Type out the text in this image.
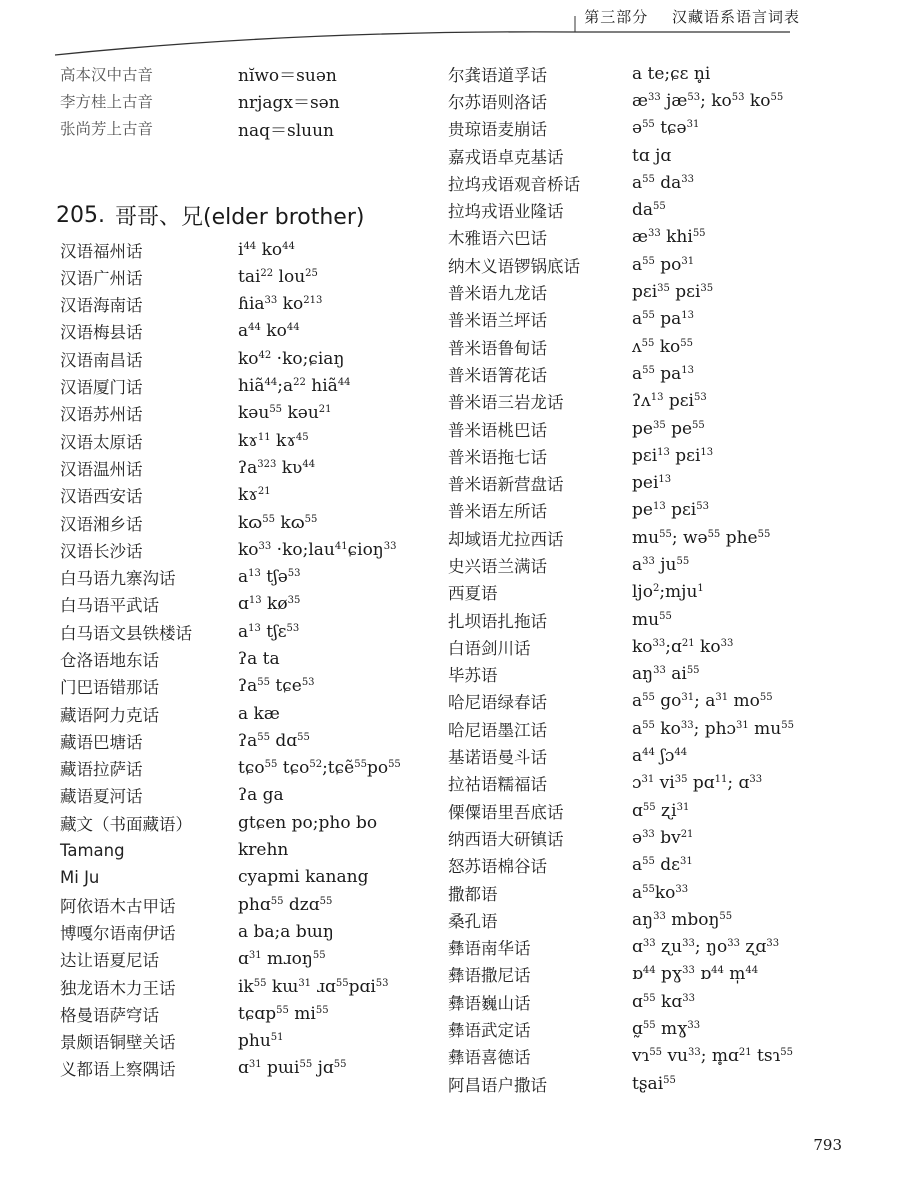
第三部分 汉藏语系语言词表
高本汉中古音	nĭwo＝suən
李方桂上古音	nrjagx＝sən
张尚芳上古音	naq＝sluun
205. 哥哥、兄(elder brother)
汉语福州话	$i^{44}$ $ko^{44}$
汉语广州话	tai$^{22}$ lou$^{25}$
汉语海南话	ɦia$^{33}$ $ko^{213}$
汉语梅县话	$a^{44}$ $ko^{44}$
汉语南昌话	$ko^{42}$ ·ko;ɕiaŋ
汉语厦门话	$hiã^{44};a^{22}$ hiã$^{44}$
汉语苏州话	kəu$^{55}$ kəu$^{21}$
汉语太原话	kɤ$^{11}$ kɤ$^{45}$
汉语温州话	ʔa$^{323}$ kʋ$^{44}$
汉语西安话	kɤ$^{21}$
汉语湘乡话	kɷ$^{55}$ kɷ$^{55}$
汉语长沙话	$ko^{33}$ ·ko;lau$^{41}$ɕioŋ$^{33}$
白马语九寨沟话	$a^{13}$ tʃə$^{53}$
白马语平武话	ɑ$^{13}$ $kø^{35}$
白马语文县铁楼话	$a^{13}$ tʃɛ$^{53}$
仓洛语地东话	ʔa ta
门巴语错那话	ʔa$^{55}$ tɕe$^{53}$
藏语阿力克话	a kæ
藏语巴塘话	ʔa$^{55}$ dɑ$^{55}$
藏语拉萨话	tɕo$^{55}$ $tɕo^{52};tɕẽ^{55}po^{55}$
藏语夏河话	ʔa ga
藏文（书面藏语）	gtɕen po;pho bo
Tamang	krehn
Mi Ju	cyapmi kanang
阿依语木古甲话	phɑ$^{55}$ dzɑ$^{55}$
博嘎尔语南伊话	a ba;a bɯŋ
达让语夏尼话	ɑ$^{31}$ mɹoŋ$^{55}$
独龙语木力王话	$ik^{55}$ kɯ$^{31}$ ɹɑ$^{55}$pɑi$^{53}$
格曼语萨穹话	tɕɑp$^{55}$ $mi^{55}$
景颇语铜壁关话	phu$^{51}$
义都语上察隅话	ɑ$^{31}$ pɯi$^{55}$ jɑ$^{55}$
尔龚语道孚话	a te;ɕɛ n̥i
尔苏语则洛话	$æ^{33}$ $jæ^{53}$; $ko^{53}$ $ko^{55}$
贵琼语麦崩话	ə$^{55}$ tɕə$^{31}$
嘉戎语卓克基话	tɑ jɑ
拉坞戎语观音桥话	$a^{55}$ $da^{33}$
拉坞戎语业隆话	$da^{55}$
木雅语六巴话	$æ^{33}$ khi$^{55}$
纳木义语锣锅底话	$a^{55}$ $po^{31}$
普米语九龙话	pɛi$^{35}$ pɛi$^{35}$
普米语兰坪话	$a^{55}$ $pa^{13}$
普米语鲁甸话	ʌ$^{55}$ $ko^{55}$
普米语箐花话	$a^{55}$ $pa^{13}$
普米语三岩龙话	ʔʌ$^{13}$ pɛi$^{53}$
普米语桃巴话	$pe^{35}$ $pe^{55}$
普米语拖七话	pɛi$^{13}$ pɛi$^{13}$
普米语新营盘话	pei$^{13}$
普米语左所话	$pe^{13}$ pɛi$^{53}$
却域语尤拉西话	$mu^{55}$; wə$^{55}$ phe$^{55}$
史兴语兰满话	$a^{33}$ $ju^{55}$
西夏语	ljo$^2$;mju$^1$
扎坝语扎拖话	$mu^{55}$
白语剑川话	$ko^{33};ɑ^{21}$ $ko^{33}$
毕苏语	$aŋ^{33}$ $ai^{55}$
哈尼语绿春话	$a^{55}$ $go^{31}$; $a^{31}$ $mo^{55}$
哈尼语墨江话	$a^{55}$ $ko^{33}$; phɔ$^{31}$ $mu^{55}$
基诺语曼斗话	$a^{44}$ ʃɔ$^{44}$
拉祜语糯福话	ɔ$^{31}$ $vi^{35}$ pɑ$^{11}$; ɑ$^{33}$
傈僳语里吾底话	ɑ$^{55}$ ʐi$^{31}$
纳西语大研镇话	ə$^{33}$ $bv^{21}$
怒苏语棉谷话	$a^{55}$ dɛ$^{31}$
撒都语	$a^{55}ko^{33}$
桑孔语	$aŋ^{33}$ mboŋ$^{55}$
彝语南华话	ɑ$^{33}$ ʐu$^{33}$; $ŋo^{33}$ ʐɑ$^{33}$
彝语撒尼话	ɒ$^{44}$ pɣ$^{33}$ ɒ$^{44}$ m̩$^{44}$
彝语巍山话	ɑ$^{55}$ kɑ$^{33}$
彝语武定话	ɑ̰$^{55}$ mɣ$^{33}$
彝语喜德话	vɿ$^{55}$ $vu^{33}$; m̥ɑ$^{21}$ tsɿ$^{55}$
阿昌语户撒话	tʂai$^{55}$
793
